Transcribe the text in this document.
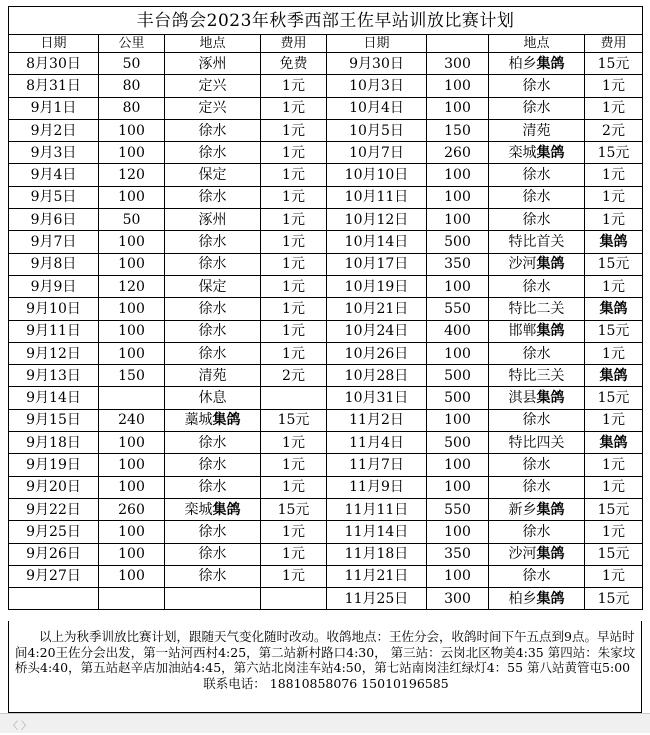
丰台鸽会2023年秋季西部王佐早站训放比赛计划							
日期	公里	地点	费用	日期		地点	费用
8月30日	50	涿州	免费	9月30日	300	柏乡集鸽	15元
8月31日	80	定兴	1元	10月3日	100	徐水	1元
9月1日	80	定兴	1元	10月4日	100	徐水	1元
9月2日	100	徐水	1元	10月5日	150	清苑	2元
9月3日	100	徐水	1元	10月7日	260	栾城集鸽	15元
9月4日	120	保定	1元	10月10日	100	徐水	1元
9月5日	100	徐水	1元	10月11日	100	徐水	1元
9月6日	50	涿州	1元	10月12日	100	徐水	1元
9月7日	100	徐水	1元	10月14日	500	特比首关	集鸽
9月8日	100	徐水	1元	10月17日	350	沙河集鸽	15元
9月9日	120	保定	1元	10月19日	100	徐水	1元
9月10日	100	徐水	1元	10月21日	550	特比二关	集鸽
9月11日	100	徐水	1元	10月24日	400	邯郸集鸽	15元
9月12日	100	徐水	1元	10月26日	100	徐水	1元
9月13日	150	清苑	2元	10月28日	500	特比三关	集鸽
9月14日		休息		10月31日	500	淇县集鸽	15元
9月15日	240	藁城集鸽	15元	11月2日	100	徐水	1元
9月18日	100	徐水	1元	11月4日	500	特比四关	集鸽
9月19日	100	徐水	1元	11月7日	100	徐水	1元
9月20日	100	徐水	1元	11月9日	100	徐水	1元
9月22日	260	栾城集鸽	15元	11月11日	550	新乡集鸽	15元
9月25日	100	徐水	1元	11月14日	100	徐水	1元
9月26日	100	徐水	1元	11月18日	350	沙河集鸽	15元
9月27日	100	徐水	1元	11月21日	100	徐水	1元
				11月25日	300	柏乡集鸽	15元

以上为秋季训放比赛计划，跟随天气变化随时改动。收鸽地点：王佐分会，收鸽时间下午五点到9点。早站时间4:20王佐分会出发，第一站河西村4:25，第二站新村路口4:30， 第三站：云岗北区物美4:35 第四站：朱家坟桥头4:40，第五站赵辛店加油站4:45，第六站北岗洼车站4:50，第七站南岗洼红绿灯4：55 第八站黄管屯5:00

联系电话： 18810858076 15010196585

〈 〉
